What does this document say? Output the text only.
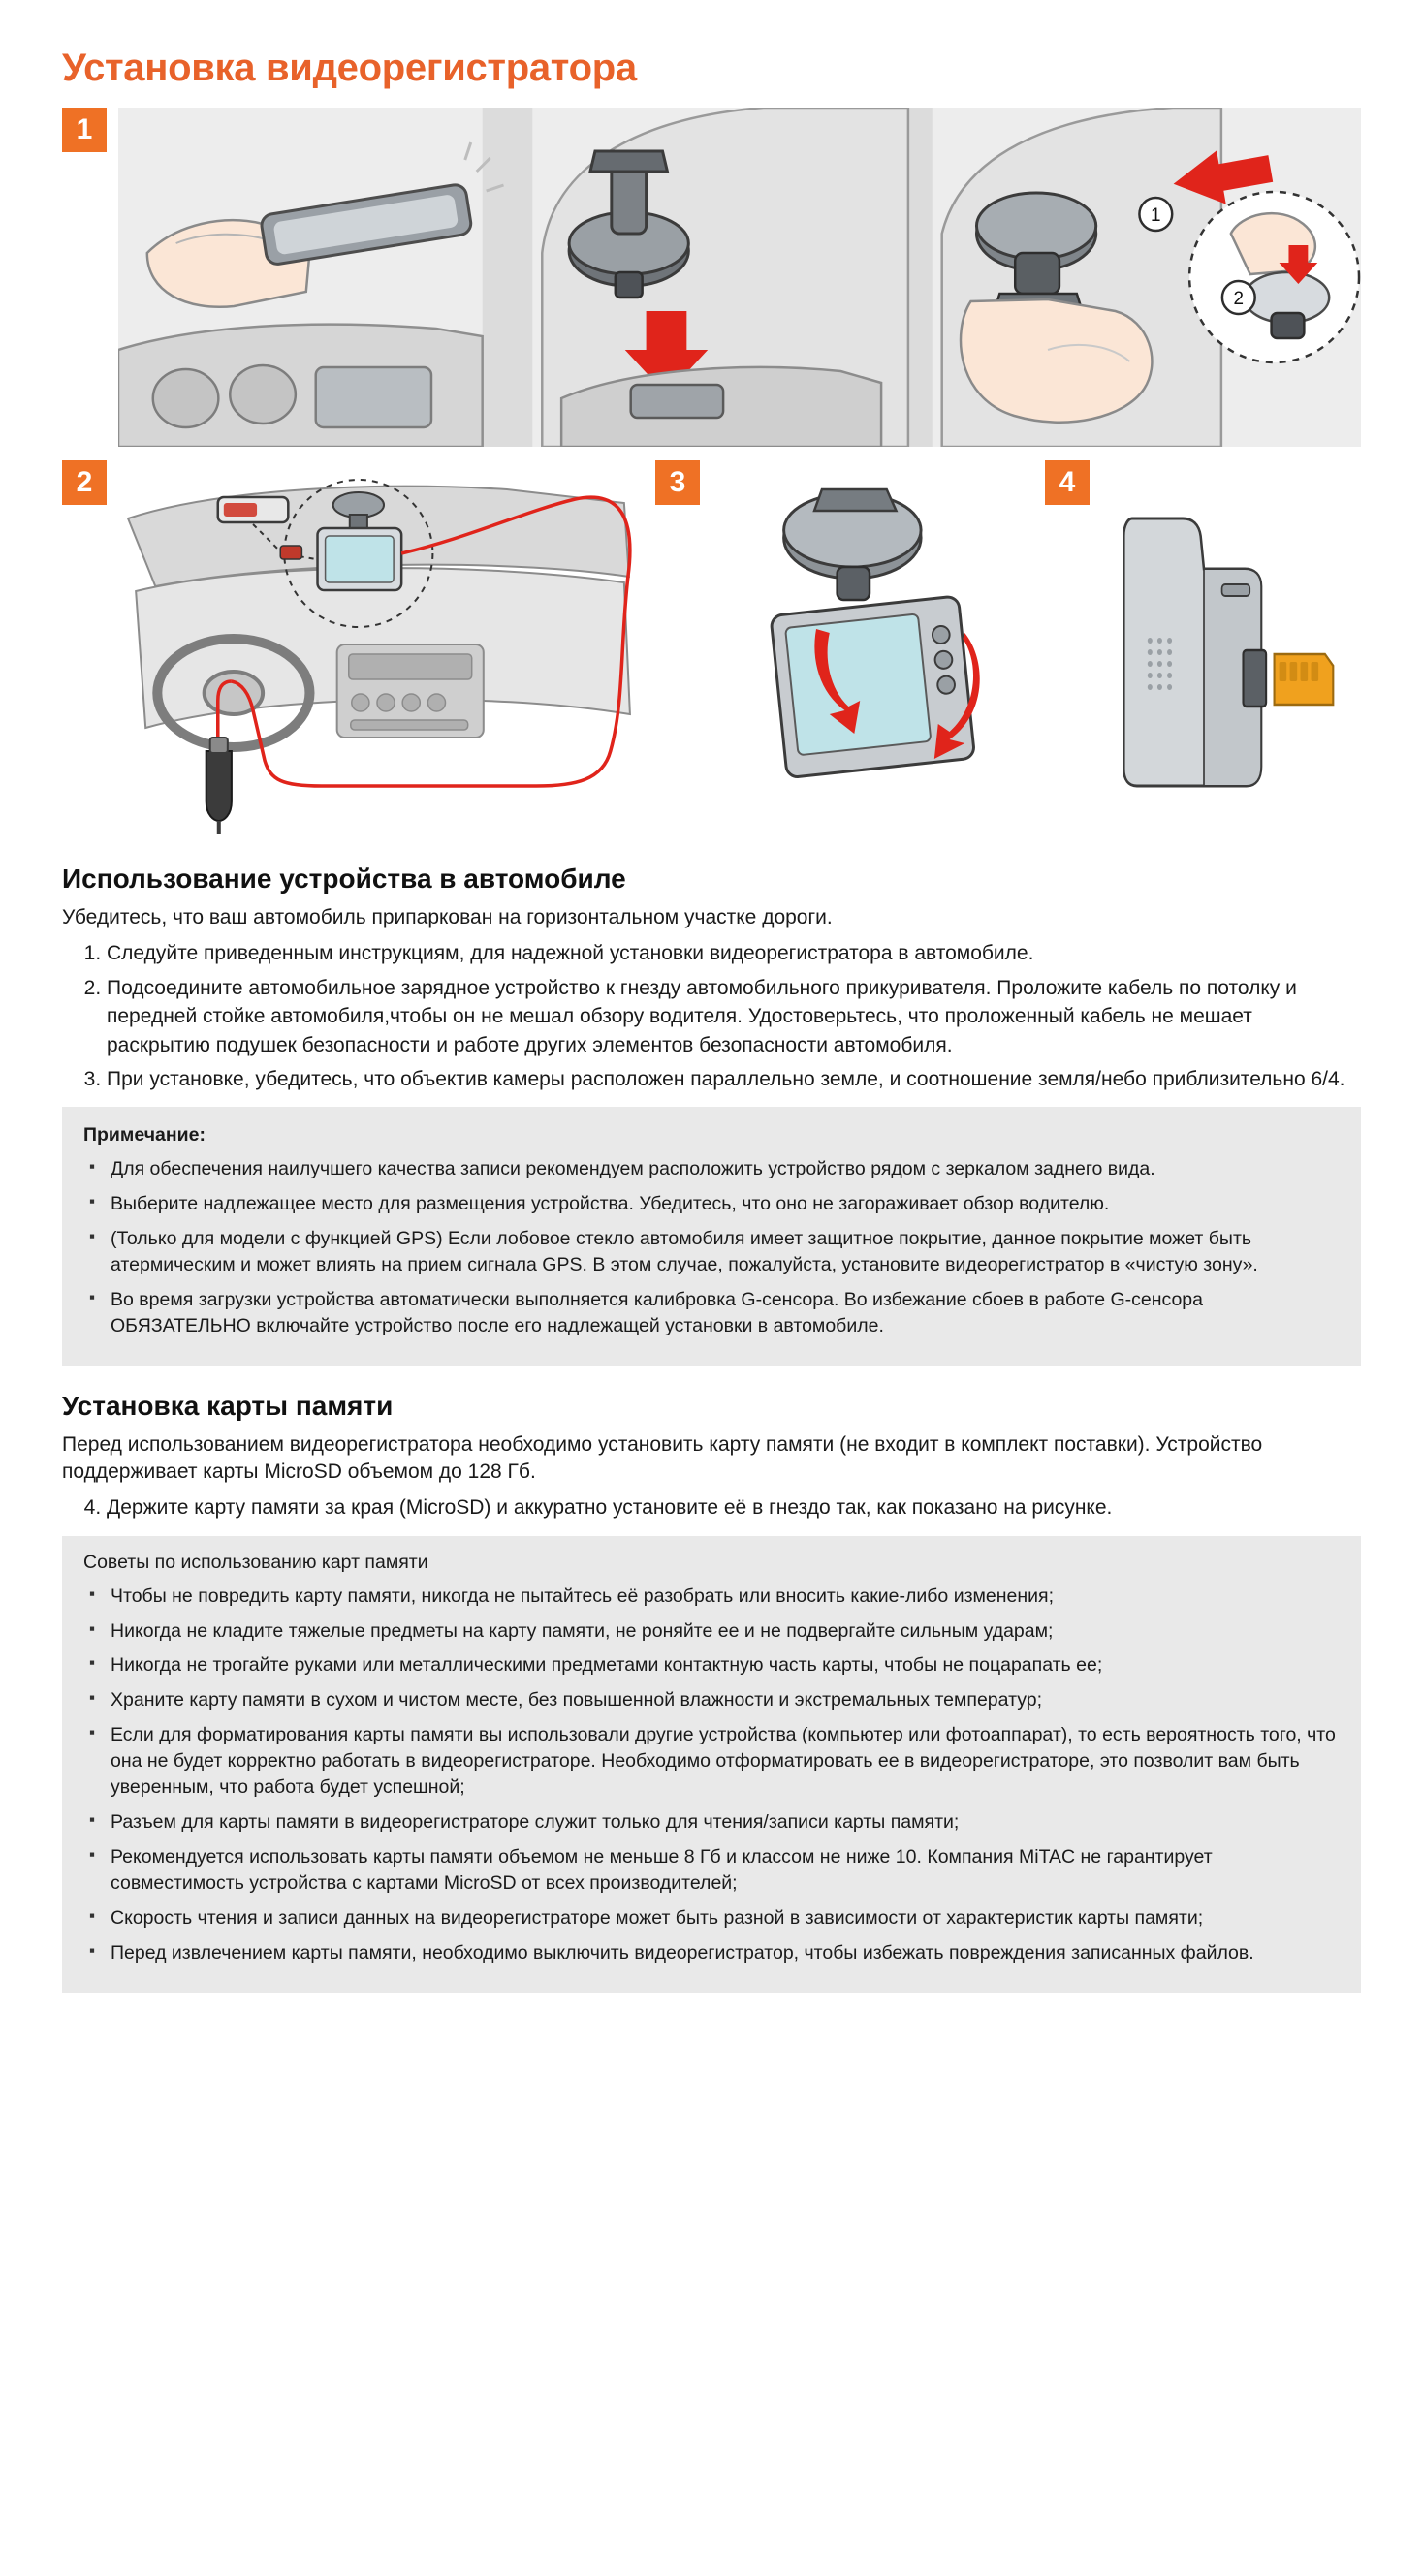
Установка видеорегистратора
1
1
2
2	3	4
Использование устройства в автомобиле

Убедитесь, что ваш автомобиль припаркован на горизонтальном участке дороги.

1. Следуйте приведенным инструкциям, для надежной установки видеорегистратора в автомобиле.
2. Подсоедините автомобильное зарядное устройство к гнезду автомобильного прикуривателя. Проложите кабель по потолку и передней стойке автомобиля,чтобы он не мешал обзору водителя. Удостоверьтесь, что проложенный кабель не мешает раскрытию подушек безопасности и работе других элементов безопасности автомобиля.
3. При установке, убедитесь, что объектив камеры расположен параллельно земле, и соотношение земля/небо приблизительно 6/4.
Примечание:
▪ Для обеспечения наилучшего качества записи рекомендуем расположить устройство рядом с зеркалом заднего вида.
▪ Выберите надлежащее место для размещения устройства. Убедитесь, что оно не загораживает обзор водителю.
▪ (Только для модели с функцией GPS) Если лобовое стекло автомобиля имеет защитное покрытие, данное покрытие может быть атермическим и может влиять на прием сигнала GPS. В этом случае, пожалуйста, установите видеорегистратор в «чистую зону».
▪ Во время загрузки устройства автоматически выполняется калибровка G-сенсора. Во избежание сбоев в работе G-сенсора ОБЯЗАТЕЛЬНО включайте устройство после его надлежащей установки в автомобиле.
Установка карты памяти

Перед использованием видеорегистратора необходимо установить карту памяти (не входит в комплект поставки). Устройство поддерживает карты MicroSD объемом до 128 Гб.

4. Держите карту памяти за края (MicroSD) и аккуратно установите её в гнездо так, как показано на рисунке.
Советы по использованию карт памяти
▪ Чтобы не повредить карту памяти, никогда не пытайтесь её разобрать или вносить какие-либо изменения;
▪ Никогда не кладите тяжелые предметы на карту памяти, не роняйте ее и не подвергайте сильным ударам;
▪ Никогда не трогайте руками или металлическими предметами контактную часть карты, чтобы не поцарапать ее;
▪ Храните карту памяти в сухом и чистом месте, без повышенной влажности и экстремальных температур;
▪ Если для форматирования карты памяти вы использовали другие устройства (компьютер или фотоаппарат), то есть вероятность того, что она не будет корректно работать в видеорегистраторе. Необходимо отформатировать ее в видеорегистраторе, это позволит вам быть уверенным, что работа будет успешной;
▪ Разъем для карты памяти в видеорегистраторе служит только для чтения/записи карты памяти;
▪ Рекомендуется использовать карты памяти объемом не меньше 8 Гб и классом не ниже 10. Компания MiTAC не гарантирует совместимость устройства с картами MicroSD от всех производителей;
▪ Скорость чтения и записи данных на видеорегистраторе может быть разной в зависимости от характеристик карты памяти;
▪ Перед извлечением карты памяти, необходимо выключить видеорегистратор, чтобы избежать повреждения записанных файлов.
